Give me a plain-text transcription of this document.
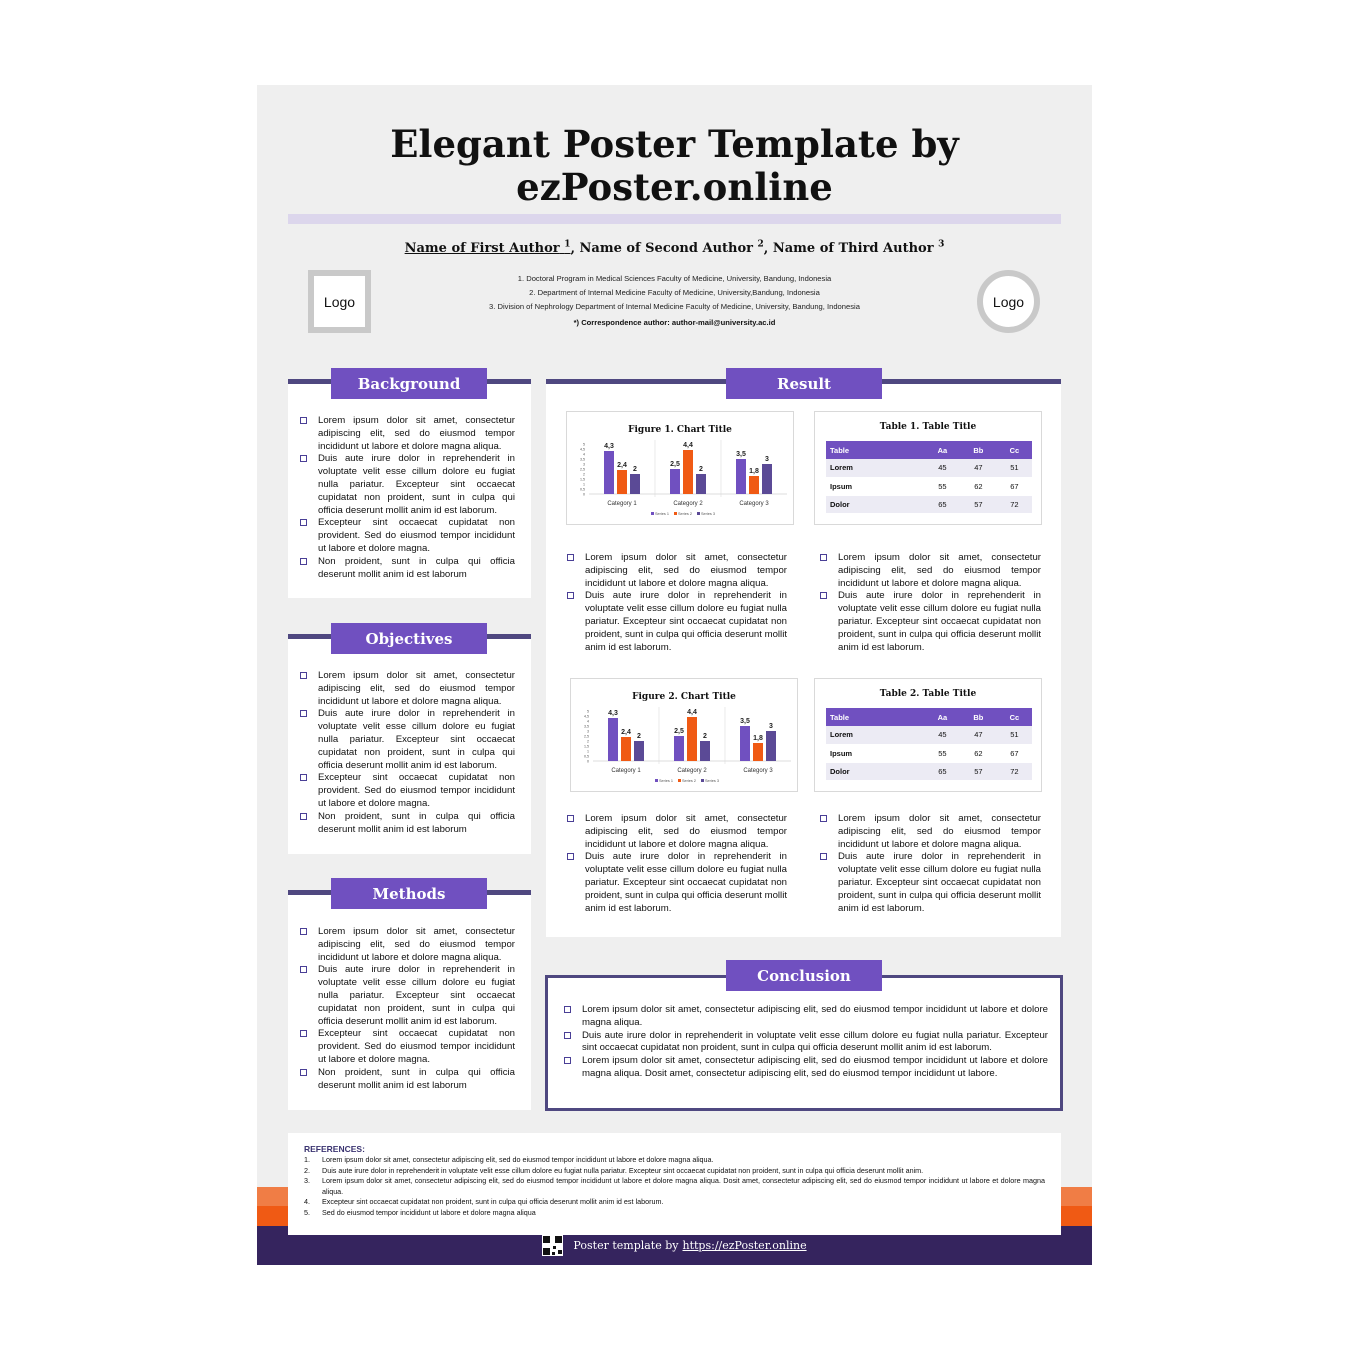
Elegant Poster Template by ezPoster.online
Name of First Author $^1$, Name of Second Author $^2$, Name of Third Author $^3$
1. Doctoral Program in Medical Sciences Faculty of Medicine, University, Bandung, Indonesia
2. Department of Internal Medicine Faculty of Medicine, University,Bandung, Indonesia
3. Division of Nephrology Department of Internal Medicine Faculty of Medicine, University, Bandung, Indonesia
*) Correspondence author: author-mail@university.ac.id
Logo	Logo
Lorem ipsum dolor sit amet, consectetur adipiscing elit, sed do eiusmod tempor incididunt ut labore et dolore magna aliqua.
Duis aute irure dolor in reprehenderit in voluptate velit esse cillum dolore eu fugiat nulla pariatur. Excepteur sint occaecat cupidatat non proident, sunt in culpa qui officia deserunt mollit anim id est laborum.
Excepteur sint occaecat cupidatat non provident. Sed do eiusmod tempor incididunt ut labore et dolore magna.
Non proident, sunt in culpa qui officia deserunt mollit anim id est laborum
Background
Lorem ipsum dolor sit amet, consectetur adipiscing elit, sed do eiusmod tempor incididunt ut labore et dolore magna aliqua.
Duis aute irure dolor in reprehenderit in voluptate velit esse cillum dolore eu fugiat nulla pariatur. Excepteur sint occaecat cupidatat non proident, sunt in culpa qui officia deserunt mollit anim id est laborum.
Excepteur sint occaecat cupidatat non provident. Sed do eiusmod tempor incididunt ut labore et dolore magna.
Non proident, sunt in culpa qui officia deserunt mollit anim id est laborum
Objectives
Lorem ipsum dolor sit amet, consectetur adipiscing elit, sed do eiusmod tempor incididunt ut labore et dolore magna aliqua.
Duis aute irure dolor in reprehenderit in voluptate velit esse cillum dolore eu fugiat nulla pariatur. Excepteur sint occaecat cupidatat non proident, sunt in culpa qui officia deserunt mollit anim id est laborum.
Excepteur sint occaecat cupidatat non provident. Sed do eiusmod tempor incididunt ut labore et dolore magna.
Non proident, sunt in culpa qui officia deserunt mollit anim id est laborum
Methods
Result
Figure 1. Chart Title
0
0,5
1
1,5
2
2,5
3
3,5
4
4,5
5	4,3
2,4
2
Category 1
2,5
4,4
2
Category 2
3,5
1,8
3
Category 3
Series 1 Series 2 Series 3
Table 1. Table Title
Table	Aa	Bb	Cc
Lorem	45	47	51
Ipsum	55	62	67
Dolor	65	57	72
Lorem ipsum dolor sit amet, consectetur adipiscing elit, sed do eiusmod tempor incididunt ut labore et dolore magna aliqua.
Duis aute irure dolor in reprehenderit in voluptate velit esse cillum dolore eu fugiat nulla pariatur. Excepteur sint occaecat cupidatat non proident, sunt in culpa qui officia deserunt mollit anim id est laborum.
Lorem ipsum dolor sit amet, consectetur adipiscing elit, sed do eiusmod tempor incididunt ut labore et dolore magna aliqua.
Duis aute irure dolor in reprehenderit in voluptate velit esse cillum dolore eu fugiat nulla pariatur. Excepteur sint occaecat cupidatat non proident, sunt in culpa qui officia deserunt mollit anim id est laborum.
Figure 2. Chart Title
0
0,5
1
1,5
2
2,5
3
3,5
4
4,5
5	4,3
2,4
2
Category 1
2,5
4,4
2
Category 2
3,5
1,8
3
Category 3
Series 1 Series 2 Series 3
Table 2. Table Title
Table	Aa	Bb	Cc
Lorem	45	47	51
Ipsum	55	62	67
Dolor	65	57	72
Lorem ipsum dolor sit amet, consectetur adipiscing elit, sed do eiusmod tempor incididunt ut labore et dolore magna aliqua.
Duis aute irure dolor in reprehenderit in voluptate velit esse cillum dolore eu fugiat nulla pariatur. Excepteur sint occaecat cupidatat non proident, sunt in culpa qui officia deserunt mollit anim id est laborum.
Lorem ipsum dolor sit amet, consectetur adipiscing elit, sed do eiusmod tempor incididunt ut labore et dolore magna aliqua.
Duis aute irure dolor in reprehenderit in voluptate velit esse cillum dolore eu fugiat nulla pariatur. Excepteur sint occaecat cupidatat non proident, sunt in culpa qui officia deserunt mollit anim id est laborum.
Lorem ipsum dolor sit amet, consectetur adipiscing elit, sed do eiusmod tempor incididunt ut labore et dolore magna aliqua.
Duis aute irure dolor in reprehenderit in voluptate velit esse cillum dolore eu fugiat nulla pariatur. Excepteur sint occaecat cupidatat non proident, sunt in culpa qui officia deserunt mollit anim id est laborum.
Lorem ipsum dolor sit amet, consectetur adipiscing elit, sed do eiusmod tempor incididunt ut labore et dolore magna aliqua. Dosit amet, consectetur adipiscing elit, sed do eiusmod tempor incididunt ut labore.
Conclusion
Poster template by https://ezPoster.online
REFERENCES:
1. Lorem ipsum dolor sit amet, consectetur adipiscing elit, sed do eiusmod tempor incididunt ut labore et dolore magna aliqua.
2. Duis aute irure dolor in reprehenderit in voluptate velit esse cillum dolore eu fugiat nulla pariatur. Excepteur sint occaecat cupidatat non proident, sunt in culpa qui officia deserunt mollit anim.
3. Lorem ipsum dolor sit amet, consectetur adipiscing elit, sed do eiusmod tempor incididunt ut labore et dolore magna aliqua. Dosit amet, consectetur adipiscing elit, sed do eiusmod tempor incididunt ut labore et dolore magna aliqua.
4. Excepteur sint occaecat cupidatat non proident, sunt in culpa qui officia deserunt mollit anim id est laborum.
5. Sed do eiusmod tempor incididunt ut labore et dolore magna aliqua
